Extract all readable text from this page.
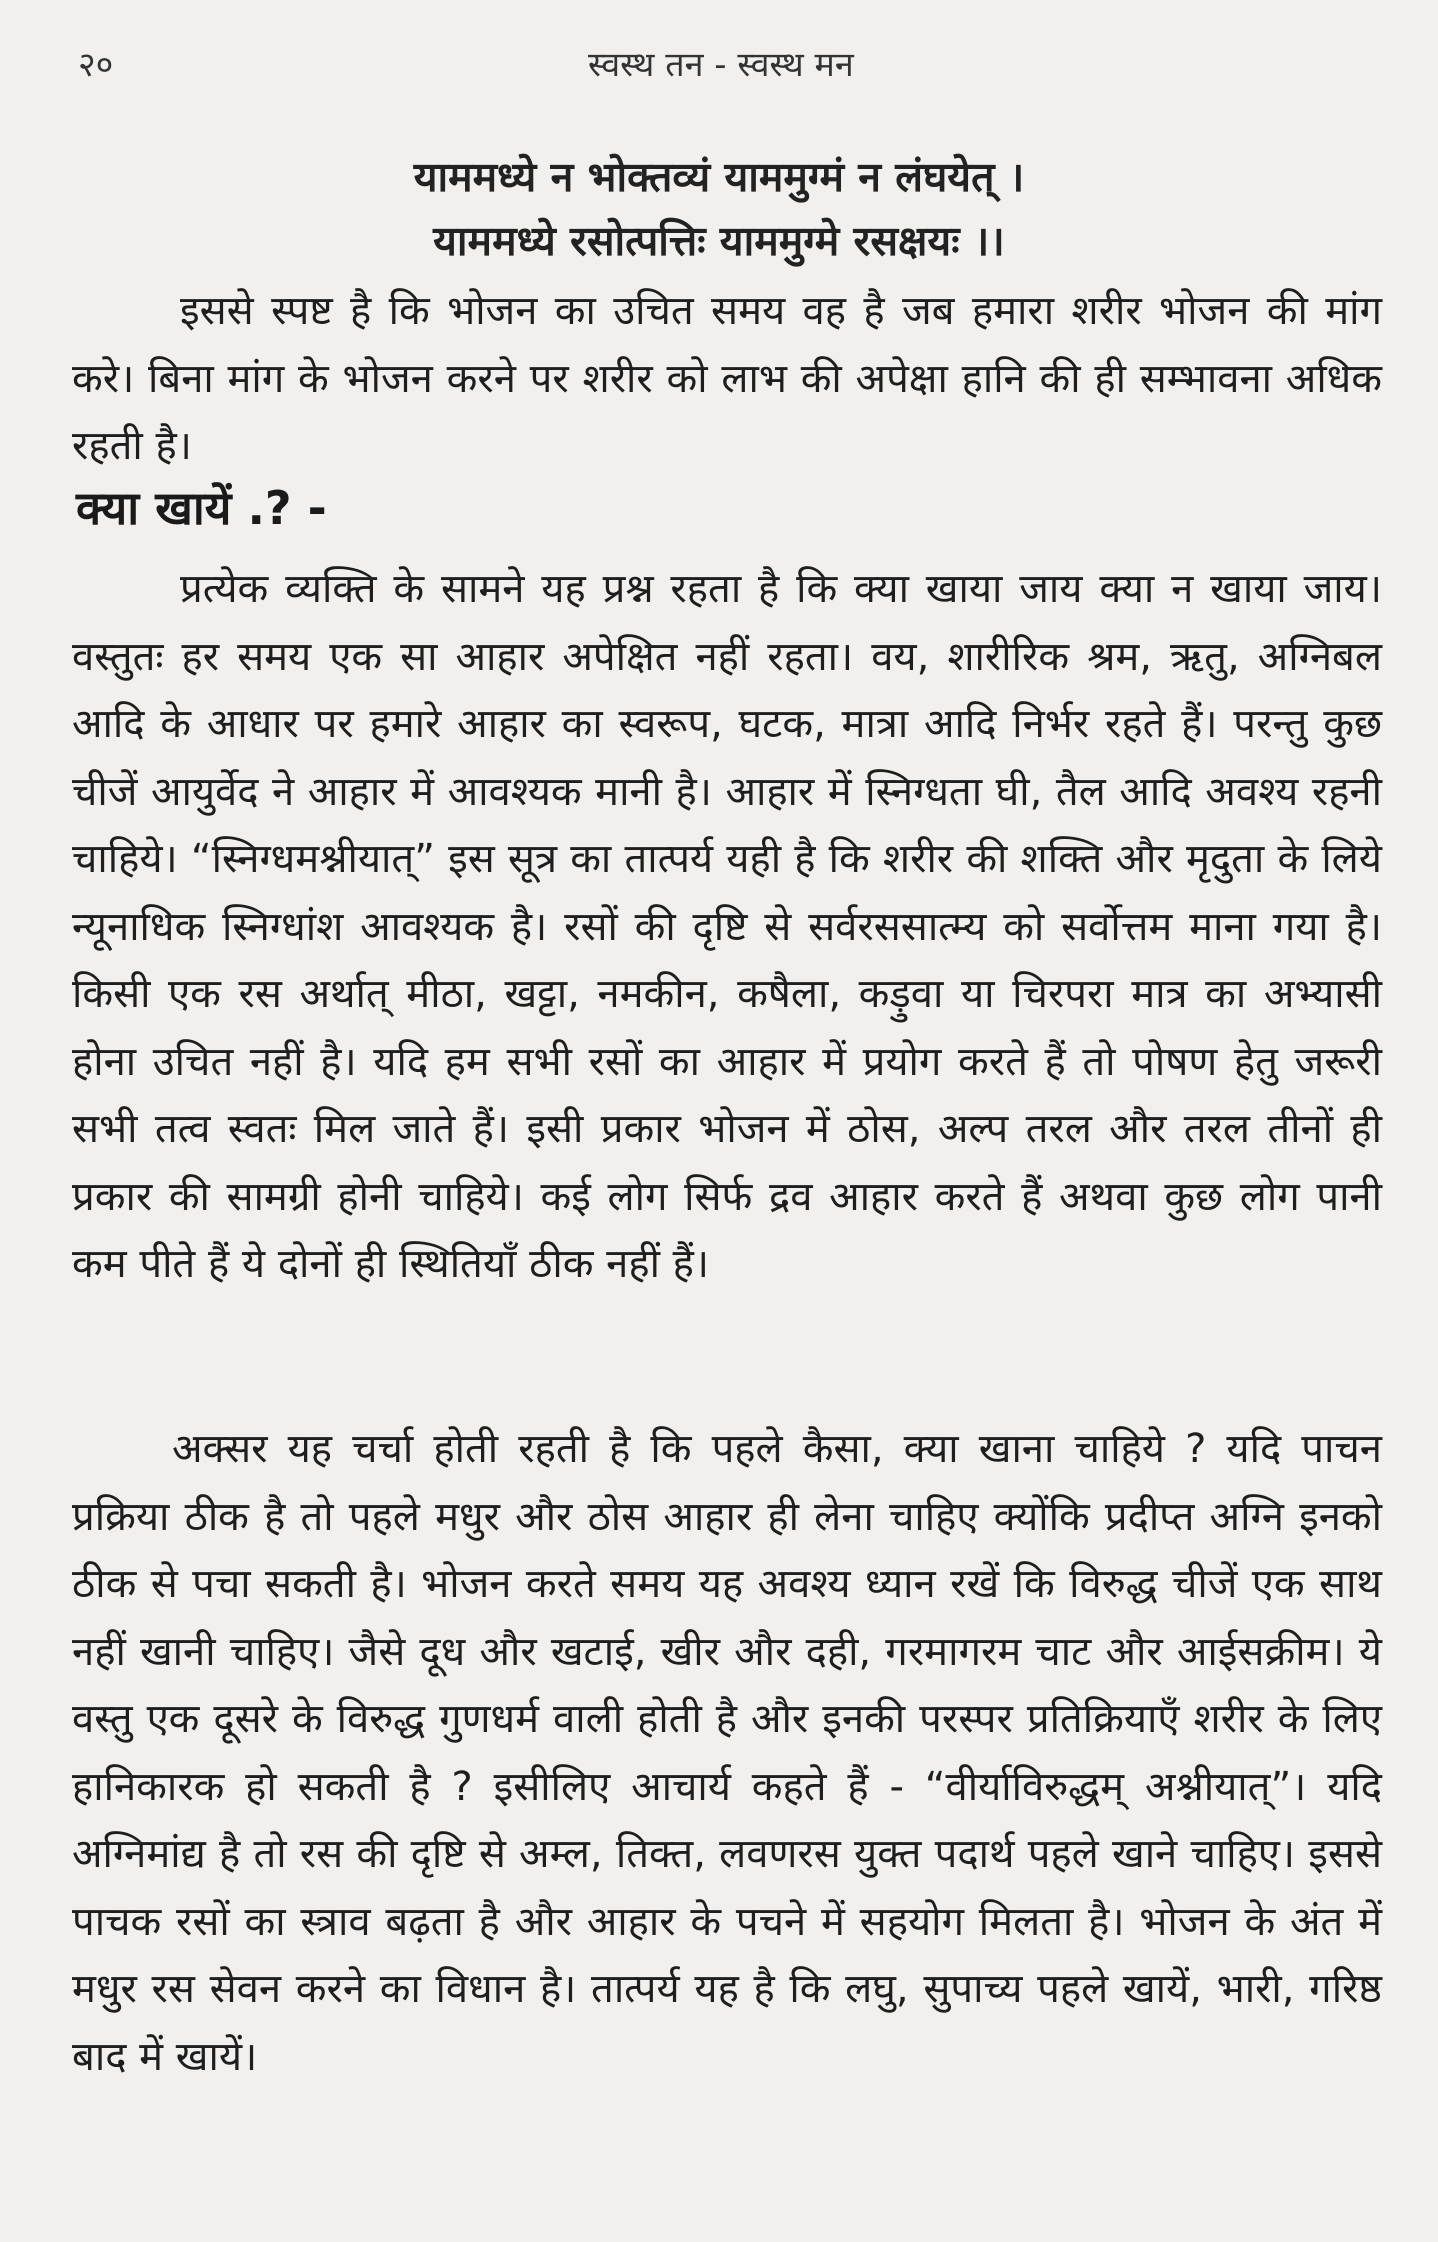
२०	स्वस्थ तन - स्वस्थ मन
याममध्ये न भोक्तव्यं याममुग्मं न लंघयेत् ।
याममध्ये रसोत्पत्तिः याममुग्मे रसक्षयः ।।

इससे स्पष्ट है कि भोजन का उचित समय वह है जब हमारा शरीर भोजन की मांग करे। बिना मांग के भोजन करने पर शरीर को लाभ की अपेक्षा हानि की ही सम्भावना अधिक रहती है।

क्या खायें .? -

प्रत्येक व्यक्ति के सामने यह प्रश्न रहता है कि क्या खाया जाय क्या न खाया जाय। वस्तुतः हर समय एक सा आहार अपेक्षित नहीं रहता। वय, शारीरिक श्रम, ऋतु, अग्निबल आदि के आधार पर हमारे आहार का स्वरूप, घटक, मात्रा आदि निर्भर रहते हैं। परन्तु कुछ चीजें आयुर्वेद ने आहार में आवश्यक मानी है। आहार में स्निग्धता घी, तैल आदि अवश्य रहनी चाहिये। “स्निग्धमश्नीयात्” इस सूत्र का तात्पर्य यही है कि शरीर की शक्ति और मृदुता के लिये न्यूनाधिक स्निग्धांश आवश्यक है। रसों की दृष्टि से सर्वरससात्म्य को सर्वोत्तम माना गया है। किसी एक रस अर्थात् मीठा, खट्टा, नमकीन, कषैला, कड़ुवा या चिरपरा मात्र का अभ्यासी होना उचित नहीं है। यदि हम सभी रसों का आहार में प्रयोग करते हैं तो पोषण हेतु जरूरी सभी तत्व स्वतः मिल जाते हैं। इसी प्रकार भोजन में ठोस, अल्प तरल और तरल तीनों ही प्रकार की सामग्री होनी चाहिये। कई लोग सिर्फ द्रव आहार करते हैं अथवा कुछ लोग पानी कम पीते हैं ये दोनों ही स्थितियाँ ठीक नहीं हैं।

अक्सर यह चर्चा होती रहती है कि पहले कैसा, क्या खाना चाहिये ? यदि पाचन प्रक्रिया ठीक है तो पहले मधुर और ठोस आहार ही लेना चाहिए क्योंकि प्रदीप्त अग्नि इनको ठीक से पचा सकती है। भोजन करते समय यह अवश्य ध्यान रखें कि विरुद्ध चीजें एक साथ नहीं खानी चाहिए। जैसे दूध और खटाई, खीर और दही, गरमागरम चाट और आईसक्रीम। ये वस्तु एक दूसरे के विरुद्ध गुणधर्म वाली होती है और इनकी परस्पर प्रतिक्रियाएँ शरीर के लिए हानिकारक हो सकती है ? इसीलिए आचार्य कहते हैं - “वीर्याविरुद्धम् अश्नीयात्”। यदि अग्निमांद्य है तो रस की दृष्टि से अम्ल, तिक्त, लवणरस युक्त पदार्थ पहले खाने चाहिए। इससे पाचक रसों का स्त्राव बढ़ता है और आहार के पचने में सहयोग मिलता है। भोजन के अंत में मधुर रस सेवन करने का विधान है। तात्पर्य यह है कि लघु, सुपाच्य पहले खायें, भारी, गरिष्ठ बाद में खायें।
